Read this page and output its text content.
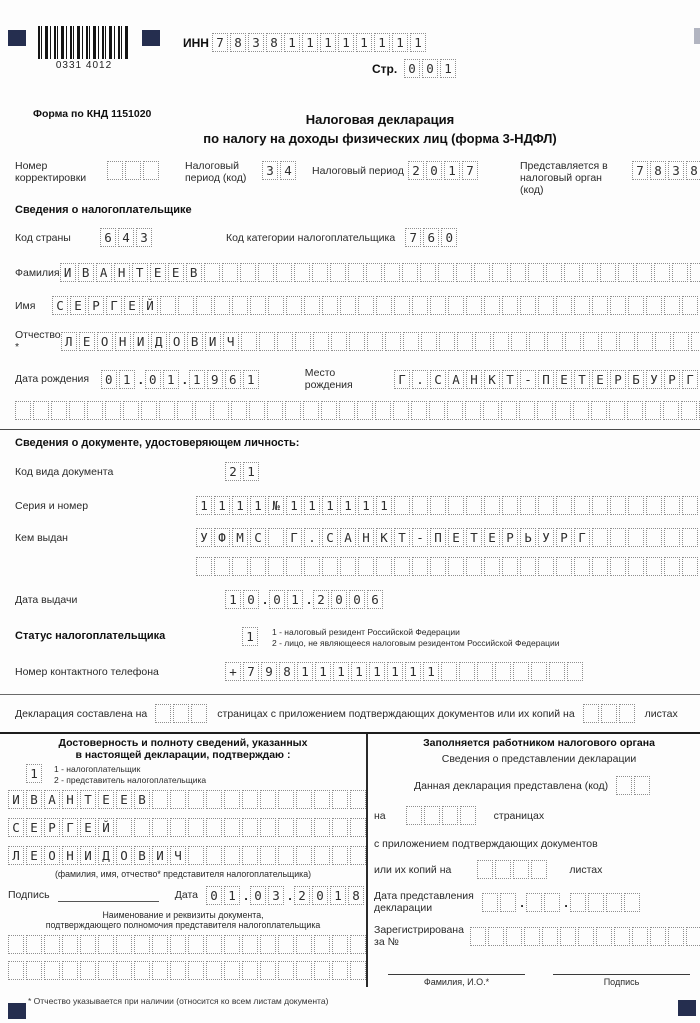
0331 4012
ИНН 7 8 3 8 1 1 1 1 1 1 1 1
Стр. 0 0 1
Форма по КНД 1151020	Налоговая декларация
по налогу на доходы физических лиц (форма 3-НДФЛ)
Номер корректировки
Налоговый период (код)	3 4	Налоговый период 2 0 1 7	Представляется в налоговый орган (код)
7 8 3 8
Сведения о налогоплательщике
Код страны	6 4 3	Код категории налогоплательщика	7 6 0
Фамилия И В А Н Т Е Е В
Имя	С Е Р Г Е Й
Отчество *	Л Е О Н И Д О В И Ч
Дата рождения	0 1 .	0 1 .	1 9 6 1	Место рождения	Г . С А Н К Т - П Е Т Е Р Б У Р Г
Сведения о документе, удостоверяющем личность:
Код вида документа	2 1
Серия и номер	1 1 1 1 № 1 1 1 1 1 1
Кем выдан	У Ф М С	Г . С А Н К Т - П Е Т Е Р Ь У Р Г
Дата выдачи	1 0 .	0 1 .	2 0 0 6
Статус налогоплательщика	1	1 - налоговый резидент Российской Федерации
2 - лицо, не являющееся налоговым резидентом Российской Федерации
Номер контактного телефона	+ 7 9 8 1 1 1 1 1 1 1 1
Декларация составлена на	страницах с приложением подтверждающих документов или их копий на	листах
Достоверность и полноту сведений, указанных
в настоящей декларации, подтверждаю :
1	1 - налогоплательщик
2 - представитель налогоплательщика
И В А Н Т Е Е В
С Е Р Г Е Й
Л Е О Н И Д О В И Ч
(фамилия, имя, отчество* представителя налогоплательщика)
Подпись	Дата 0 1 .	0 3 .	2 0 1 8
Наименование и реквизиты документа,
подтверждающего полномочия представителя налогоплательщика
Заполняется работником налогового органа
Сведения о представлении декларации
Данная декларация представлена (код)
на	страницах
с приложением подтверждающих документов
или их копий на	листах
Дата представления
декларации
.
.
Зарегистрирована
за №
Фамилия, И.О.*	Подпись
* Отчество указывается при наличии (относится ко всем листам документа)
